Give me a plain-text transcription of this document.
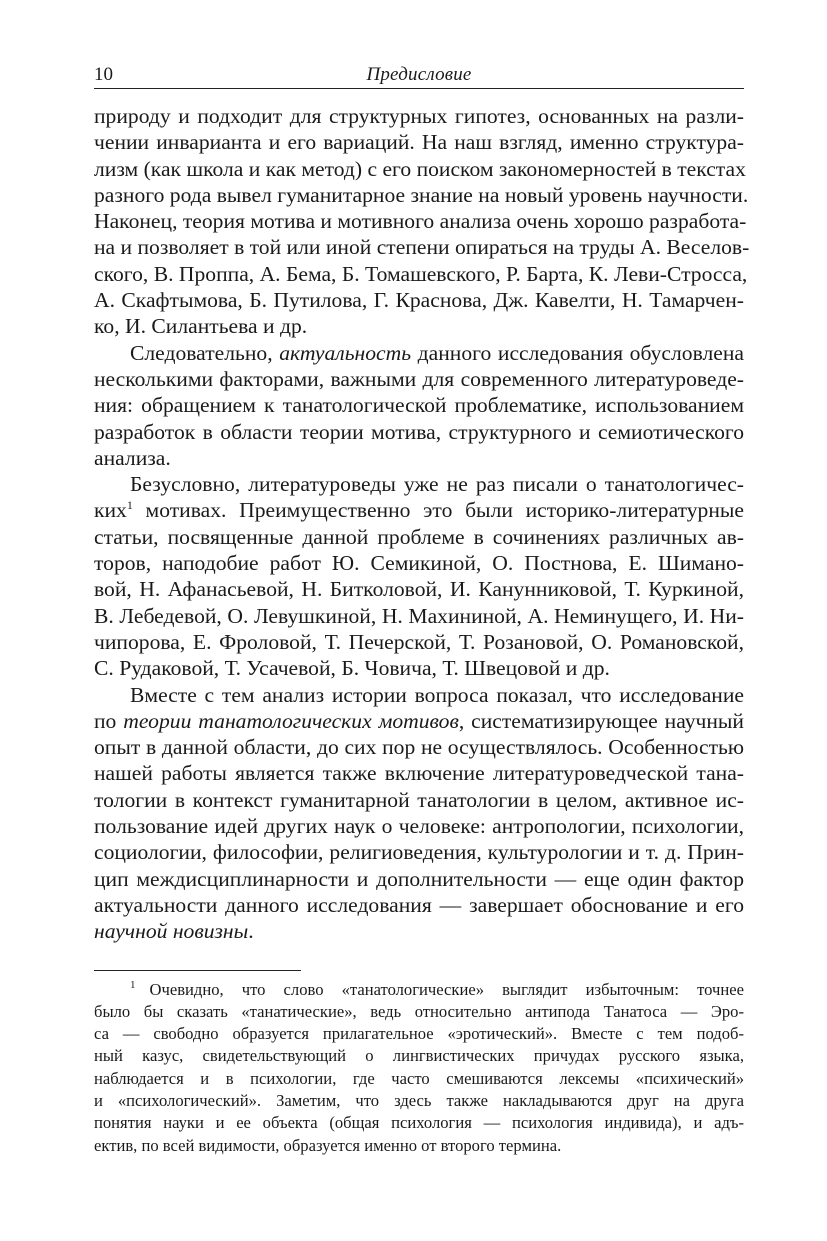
10	Предисловие

природу и подходит для структурных гипотез, основанных на разли-
чении инварианта и его вариаций. На наш взгляд, именно структура-
лизм (как школа и как метод) с его поиском закономерностей в текстах
разного рода вывел гуманитарное знание на новый уровень научности.
Наконец, теория мотива и мотивного анализа очень хорошо разработа-
на и позволяет в той или иной степени опираться на труды А. Веселов-
ского, В. Проппа, А. Бема, Б. Томашевского, Р. Барта, К. Леви-Стросса,
А. Скафтымова, Б. Путилова, Г. Краснова, Дж. Кавелти, Н. Тамарчен-
ко, И. Силантьева и др.

Следовательно, актуальность данного исследования обусловлена
несколькими факторами, важными для современного литературоведе-
ния: обращением к танатологической проблематике, использованием
разработок в области теории мотива, структурного и семиотического
анализа.

Безусловно, литературоведы уже не раз писали о танатологичес-
ких$^1$ мотивах. Преимущественно это были историко-литературные
статьи, посвященные данной проблеме в сочинениях различных ав-
торов, наподобие работ Ю. Семикиной, О. Постнова, Е. Шимано-
вой, Н. Афанасьевой, Н. Битколовой, И. Канунниковой, Т. Куркиной,
В. Лебедевой, О. Левушкиной, Н. Махининой, А. Неминущего, И. Ни-
чипорова, Е. Фроловой, Т. Печерской, Т. Розановой, О. Романовской,
С. Рудаковой, Т. Усачевой, Б. Човича, Т. Швецовой и др.

Вместе с тем анализ истории вопроса показал, что исследование
по теории танатологических мотивов, систематизирующее научный
опыт в данной области, до сих пор не осуществлялось. Особенностью
нашей работы является также включение литературоведческой тана-
тологии в контекст гуманитарной танатологии в целом, активное ис-
пользование идей других наук о человеке: антропологии, психологии,
социологии, философии, религиоведения, культурологии и т. д. Прин-
цип междисциплинарности и дополнительности — еще один фактор
актуальности данного исследования — завершает обоснование и его
научной новизны.

$^1$ Очевидно, что слово «танатологические» выглядит избыточным: точнее
было бы сказать «танатические», ведь относительно антипода Танатоса — Эро-
са — свободно образуется прилагательное «эротический». Вместе с тем подоб-
ный казус, свидетельствующий о лингвистических причудах русского языка,
наблюдается и в психологии, где часто смешиваются лексемы «психический»
и «психологический». Заметим, что здесь также накладываются друг на друга
понятия науки и ее объекта (общая психология — психология индивида), и адъ-
ектив, по всей видимости, образуется именно от второго термина.
